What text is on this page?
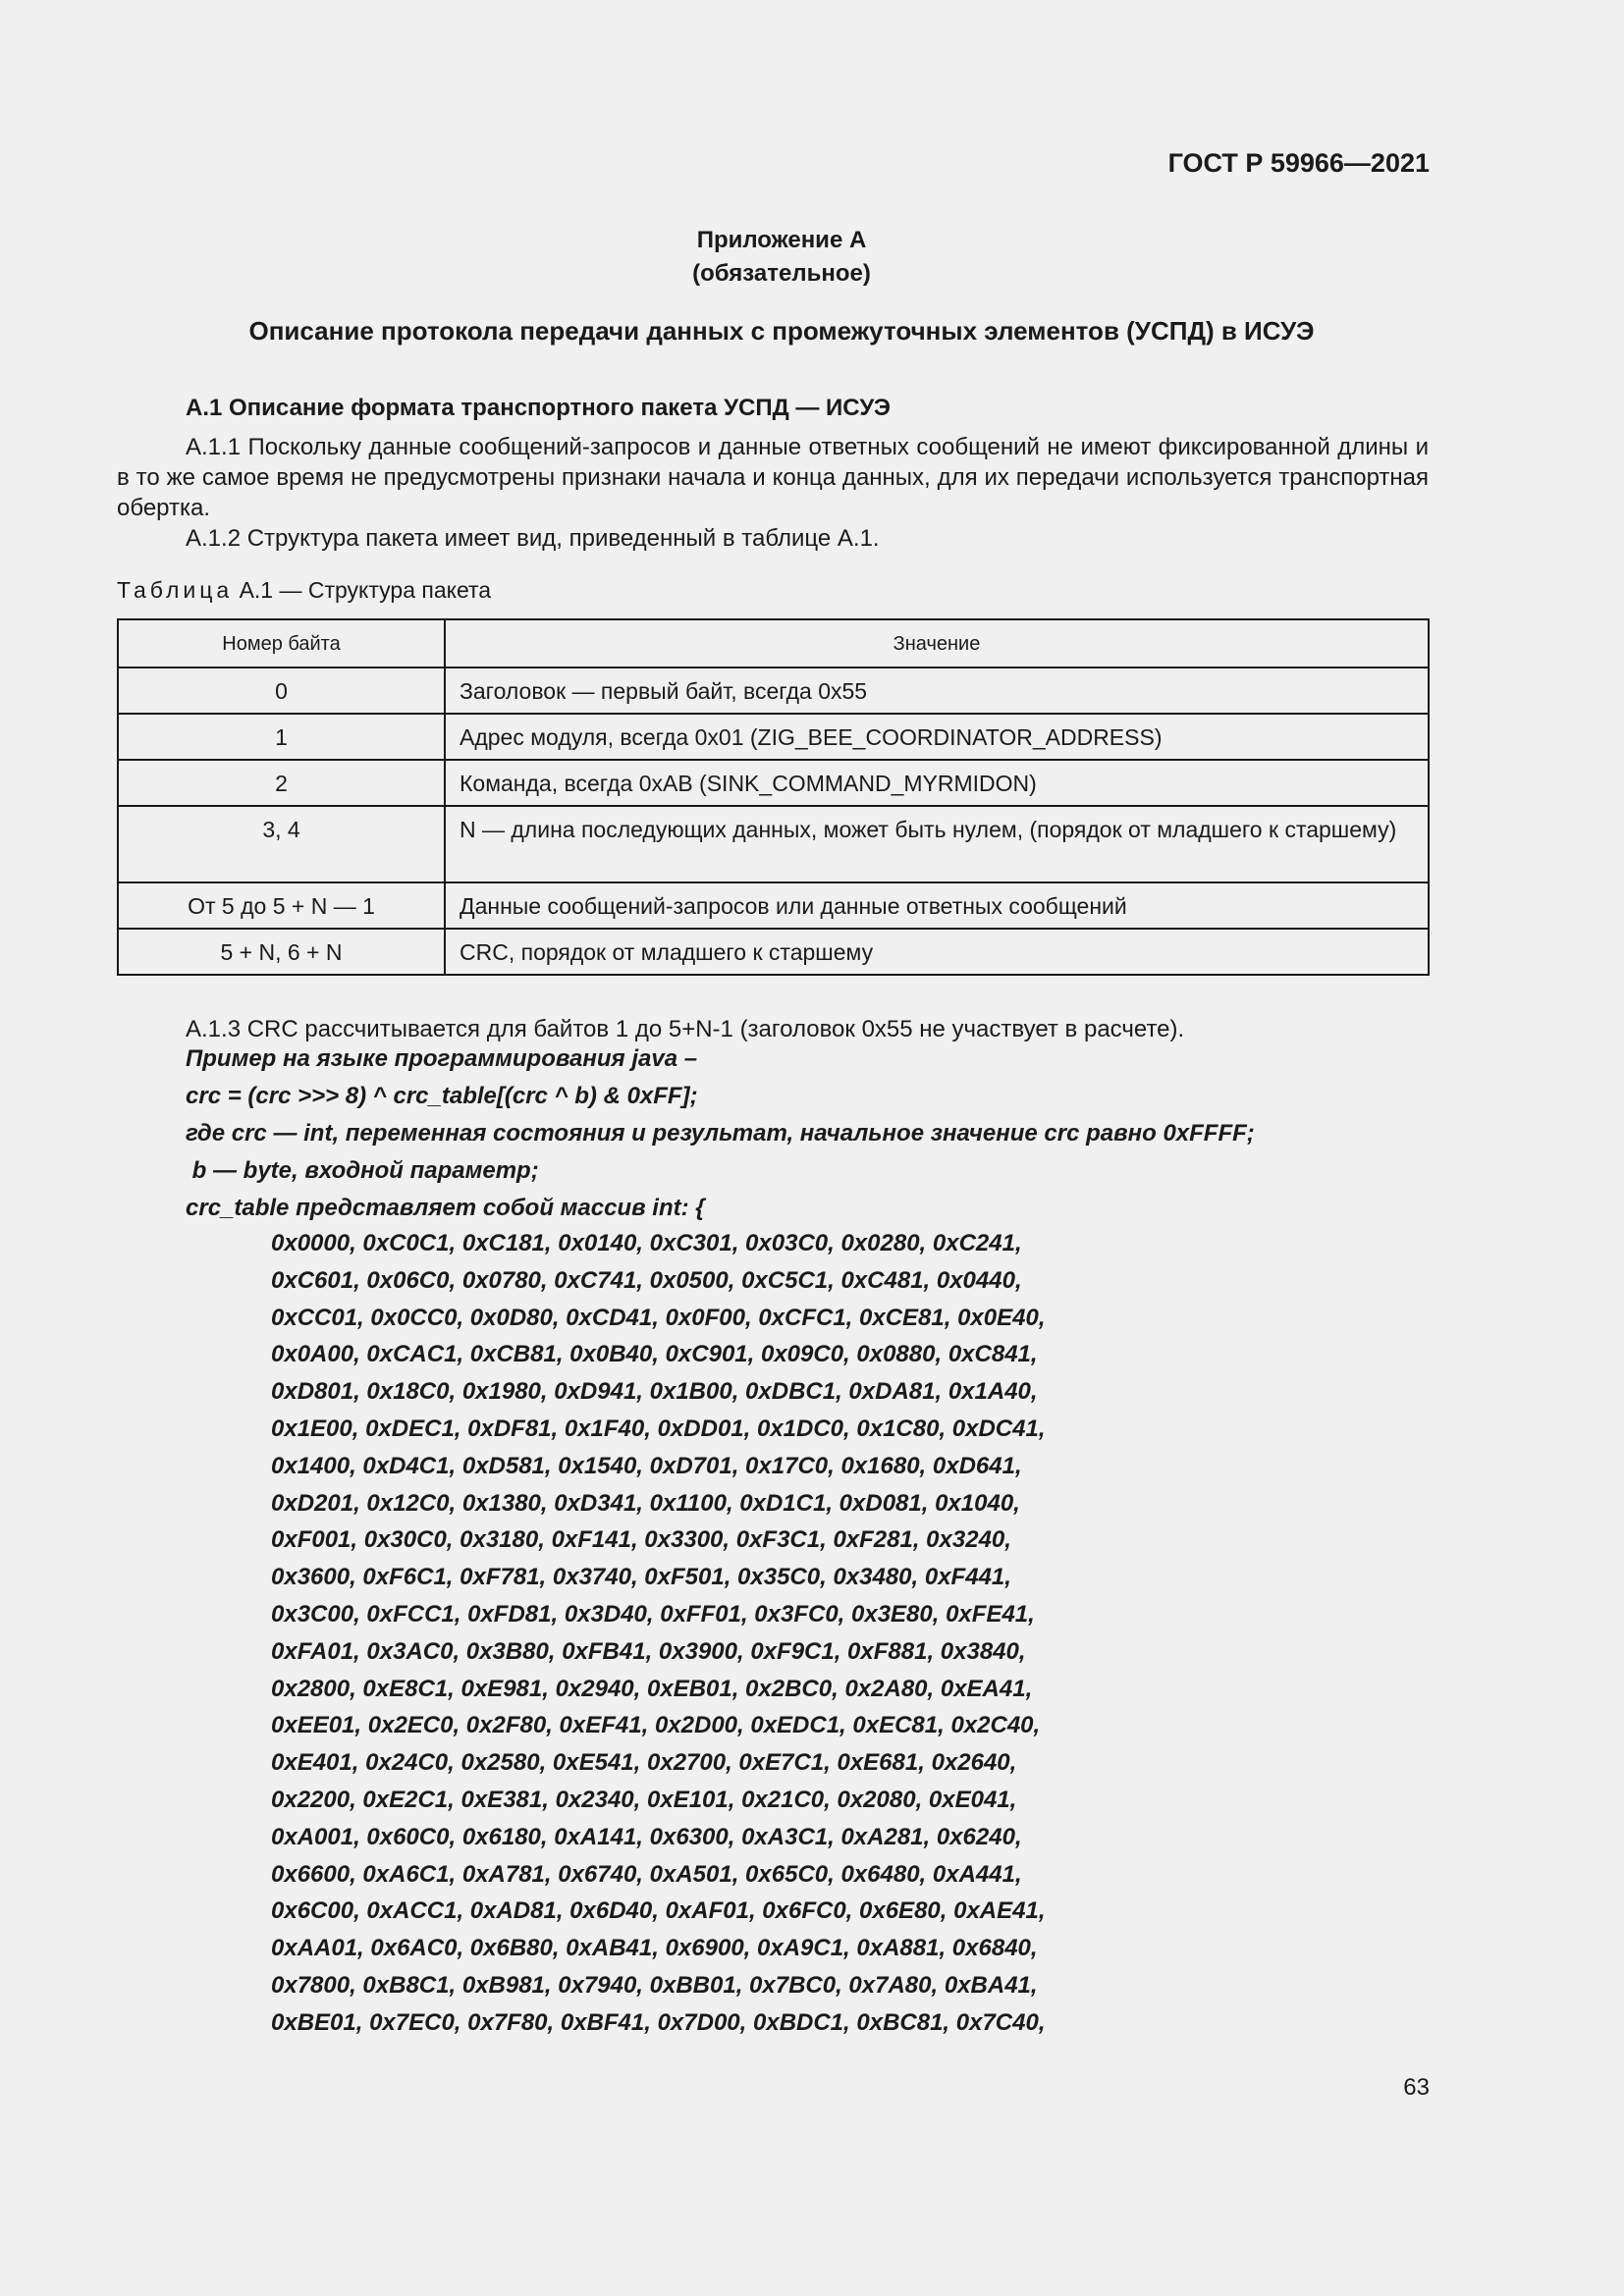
ГОСТ Р 59966—2021
Приложение А
(обязательное)
Описание протокола передачи данных с промежуточных элементов (УСПД) в ИСУЭ
А.1 Описание формата транспортного пакета УСПД — ИСУЭ
А.1.1 Поскольку данные сообщений-запросов и данные ответных сообщений не имеют фиксированной длины и в то же самое время не предусмотрены признаки начала и конца данных, для их передачи используется транспортная обертка.
А.1.2 Структура пакета имеет вид, приведенный в таблице А.1.
Таблица А.1 — Структура пакета
Номер байта	Значение
0	Заголовок — первый байт, всегда 0x55
1	Адрес модуля, всегда 0x01 (ZIG_BEE_COORDINATOR_ADDRESS)
2	Команда, всегда 0xAB (SINK_COMMAND_MYRMIDON)
3, 4	N — длина последующих данных, может быть нулем, (порядок от младшего к старшему)
От 5 до 5 + N — 1	Данные сообщений-запросов или данные ответных сообщений
5 + N, 6 + N	CRC, порядок от младшего к старшему
А.1.3 CRC рассчитывается для байтов 1 до 5+N-1 (заголовок 0x55 не участвует в расчете).
Пример на языке программирования java –
crc = (crc >>> 8) ^ crc_table[(crc ^ b) & 0xFF];
где crc — int, переменная состояния и результат, начальное значение crc равно 0xFFFF;
b — byte, входной параметр;
crc_table представляет собой массив int: {
0x0000, 0xC0C1, 0xC181, 0x0140, 0xC301, 0x03C0, 0x0280, 0xC241,
0xC601, 0x06C0, 0x0780, 0xC741, 0x0500, 0xC5C1, 0xC481, 0x0440,
0xCC01, 0x0CC0, 0x0D80, 0xCD41, 0x0F00, 0xCFC1, 0xCE81, 0x0E40,
0x0A00, 0xCAC1, 0xCB81, 0x0B40, 0xC901, 0x09C0, 0x0880, 0xC841,
0xD801, 0x18C0, 0x1980, 0xD941, 0x1B00, 0xDBC1, 0xDA81, 0x1A40,
0x1E00, 0xDEC1, 0xDF81, 0x1F40, 0xDD01, 0x1DC0, 0x1C80, 0xDC41,
0x1400, 0xD4C1, 0xD581, 0x1540, 0xD701, 0x17C0, 0x1680, 0xD641,
0xD201, 0x12C0, 0x1380, 0xD341, 0x1100, 0xD1C1, 0xD081, 0x1040,
0xF001, 0x30C0, 0x3180, 0xF141, 0x3300, 0xF3C1, 0xF281, 0x3240,
0x3600, 0xF6C1, 0xF781, 0x3740, 0xF501, 0x35C0, 0x3480, 0xF441,
0x3C00, 0xFCC1, 0xFD81, 0x3D40, 0xFF01, 0x3FC0, 0x3E80, 0xFE41,
0xFA01, 0x3AC0, 0x3B80, 0xFB41, 0x3900, 0xF9C1, 0xF881, 0x3840,
0x2800, 0xE8C1, 0xE981, 0x2940, 0xEB01, 0x2BC0, 0x2A80, 0xEA41,
0xEE01, 0x2EC0, 0x2F80, 0xEF41, 0x2D00, 0xEDC1, 0xEC81, 0x2C40,
0xE401, 0x24C0, 0x2580, 0xE541, 0x2700, 0xE7C1, 0xE681, 0x2640,
0x2200, 0xE2C1, 0xE381, 0x2340, 0xE101, 0x21C0, 0x2080, 0xE041,
0xA001, 0x60C0, 0x6180, 0xA141, 0x6300, 0xA3C1, 0xA281, 0x6240,
0x6600, 0xA6C1, 0xA781, 0x6740, 0xA501, 0x65C0, 0x6480, 0xA441,
0x6C00, 0xACC1, 0xAD81, 0x6D40, 0xAF01, 0x6FC0, 0x6E80, 0xAE41,
0xAA01, 0x6AC0, 0x6B80, 0xAB41, 0x6900, 0xA9C1, 0xA881, 0x6840,
0x7800, 0xB8C1, 0xB981, 0x7940, 0xBB01, 0x7BC0, 0x7A80, 0xBA41,
0xBE01, 0x7EC0, 0x7F80, 0xBF41, 0x7D00, 0xBDC1, 0xBC81, 0x7C40,
63
